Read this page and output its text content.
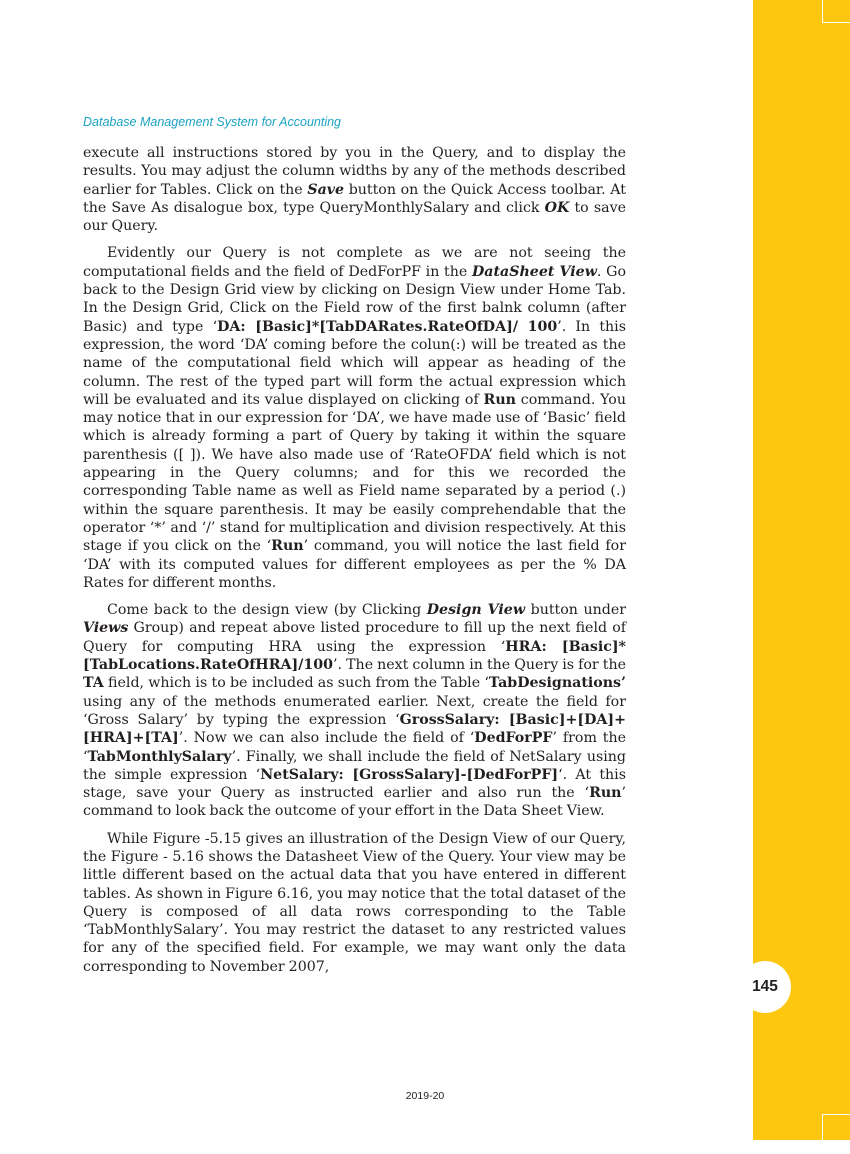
Database Management System for Accounting

execute all instructions stored by you in the Query, and to display the results. You may adjust the column widths by any of the methods described earlier for Tables. Click on the Save button on the Quick Access toolbar. At the Save As disalogue box, type QueryMonthlySalary and click OK to save our Query.

Evidently our Query is not complete as we are not seeing the computational fields and the field of DedForPF in the DataSheet View. Go back to the Design Grid view by clicking on Design View under Home Tab. In the Design Grid, Click on the Field row of the first balnk column (after Basic) and type ‘DA: [Basic]*[TabDARates.RateOfDA]/ 100’. In this expression, the word ‘DA’ coming before the colun(:) will be treated as the name of the computational field which will appear as heading of the column. The rest of the typed part will form the actual expression which will be evaluated and its value displayed on clicking of Run command. You may notice that in our expression for ‘DA’, we have made use of ‘Basic’ field which is already forming a part of Query by taking it within the square parenthesis ([ ]). We have also made use of ‘RateOFDA’ field which is not appearing in the Query columns; and for this we recorded the corresponding Table name as well as Field name separated by a period (.) within the square parenthesis. It may be easily comprehendable that the operator ‘*’ and ‘/’ stand for multiplication and division respectively. At this stage if you click on the ‘Run’ command, you will notice the last field for ‘DA’ with its computed values for different employees as per the % DA Rates for different months.

Come back to the design view (by Clicking Design View button under Views Group) and repeat above listed procedure to fill up the next field of Query for computing HRA using the expression ‘HRA: [Basic]*[TabLocations.RateOfHRA]/100’. The next column in the Query is for the TA field, which is to be included as such from the Table ‘TabDesignations’ using any of the methods enumerated earlier. Next, create the field for ‘Gross Salary’ by typing the expression ‘GrossSalary: [Basic]+[DA]+[HRA]+[TA]’. Now we can also include the field of ‘DedForPF’ from the ‘TabMonthlySalary’. Finally, we shall include the field of NetSalary using the simple expression ‘NetSalary: [GrossSalary]-[DedForPF]‘. At this stage, save your Query as instructed earlier and also run the ‘Run’ command to look back the outcome of your effort in the Data Sheet View.

While Figure -5.15 gives an illustration of the Design View of our Query, the Figure - 5.16 shows the Datasheet View of the Query. Your view may be little different based on the actual data that you have entered in different tables. As shown in Figure 6.16, you may notice that the total dataset of the Query is composed of all data rows corresponding to the Table ‘TabMonthlySalary’. You may restrict the dataset to any restricted values for any of the specified field. For example, we may want only the data corresponding to November 2007,

145
2019-20
